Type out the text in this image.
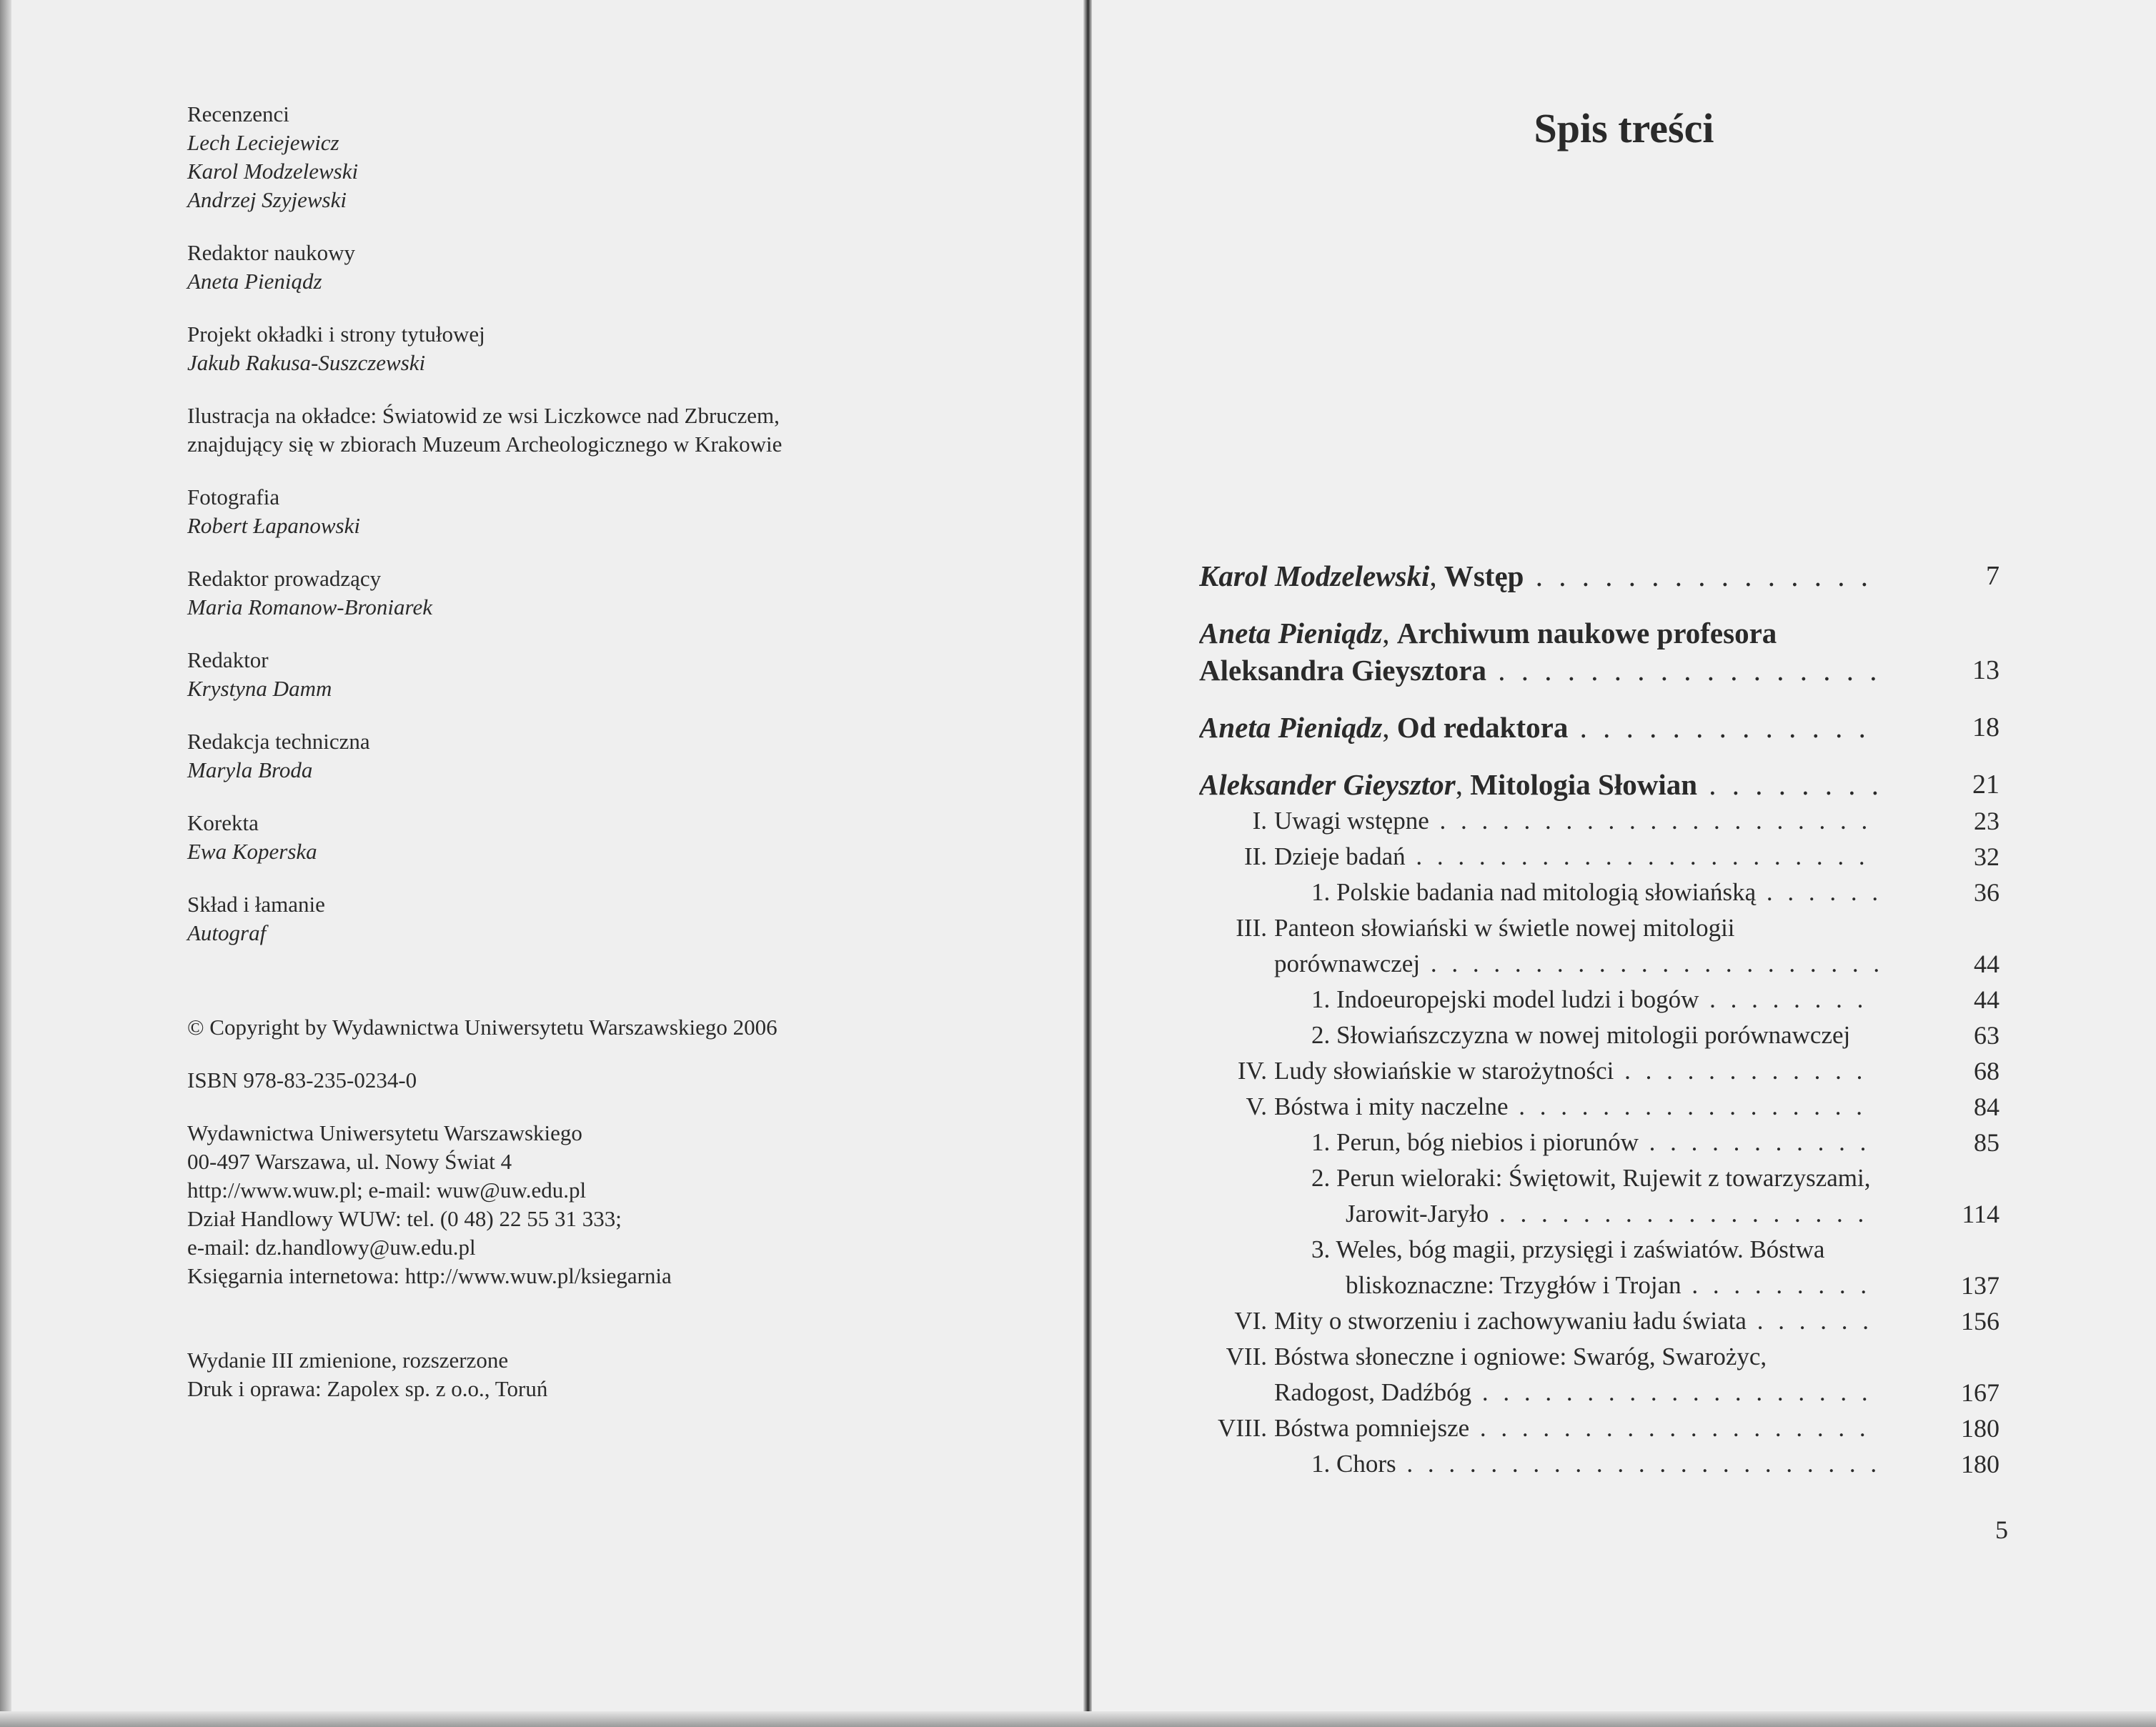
Recenzenci
Lech Leciejewicz
Karol Modzelewski
Andrzej Szyjewski
Redaktor naukowy
Aneta Pieniądz
Projekt okładki i strony tytułowej
Jakub Rakusa-Suszczewski
Ilustracja na okładce: Światowid ze wsi Liczkowce nad Zbruczem,
znajdujący się w zbiorach Muzeum Archeologicznego w Krakowie
Fotografia
Robert Łapanowski
Redaktor prowadzący
Maria Romanow-Broniarek
Redaktor
Krystyna Damm
Redakcja techniczna
Maryla Broda
Korekta
Ewa Koperska
Skład i łamanie
Autograf
© Copyright by Wydawnictwa Uniwersytetu Warszawskiego 2006
ISBN 978-83-235-0234-0
Wydawnictwa Uniwersytetu Warszawskiego
00-497 Warszawa, ul. Nowy Świat 4
http://www.wuw.pl; e-mail: wuw@uw.edu.pl
Dział Handlowy WUW: tel. (0 48) 22 55 31 333;
e-mail: dz.handlowy@uw.edu.pl
Księgarnia internetowa: http://www.wuw.pl/ksiegarnia
Wydanie III zmienione, rozszerzone
Druk i oprawa: Zapolex sp. z o.o., Toruń
Spis treści
Karol Modzelewski, Wstęp . . .	7
Aneta Pieniądz, Archiwum naukowe profesora
Aleksandra Gieysztora . . .	13
Aneta Pieniądz, Od redaktora . . .	18
Aleksander Gieysztor, Mitologia Słowian . . .	21
I. Uwagi wstępne . . .	23
II. Dzieje badań . . .	32
1. Polskie badania nad mitologią słowiańską . . .	36
III. Panteon słowiański w świetle nowej mitologii
porównawczej . . .	44
1. Indoeuropejski model ludzi i bogów . . .	44
2. Słowiańszczyzna w nowej mitologii porównawczej	63
IV. Ludy słowiańskie w starożytności . . .	68
V. Bóstwa i mity naczelne . . .	84
1. Perun, bóg niebios i piorunów . . .	85
2. Perun wieloraki: Świętowit, Rujewit z towarzyszami,
Jarowit-Jaryło . . .	114
3. Weles, bóg magii, przysięgi i zaświatów. Bóstwa
bliskoznaczne: Trzygłów i Trojan . . .	137
VI. Mity o stworzeniu i zachowywaniu ładu świata . . .	156
VII. Bóstwa słoneczne i ogniowe: Swaróg, Swarożyc,
Radogost, Dadźbóg . . .	167
VIII. Bóstwa pomniejsze . . .	180
1. Chors . . .	180
5
